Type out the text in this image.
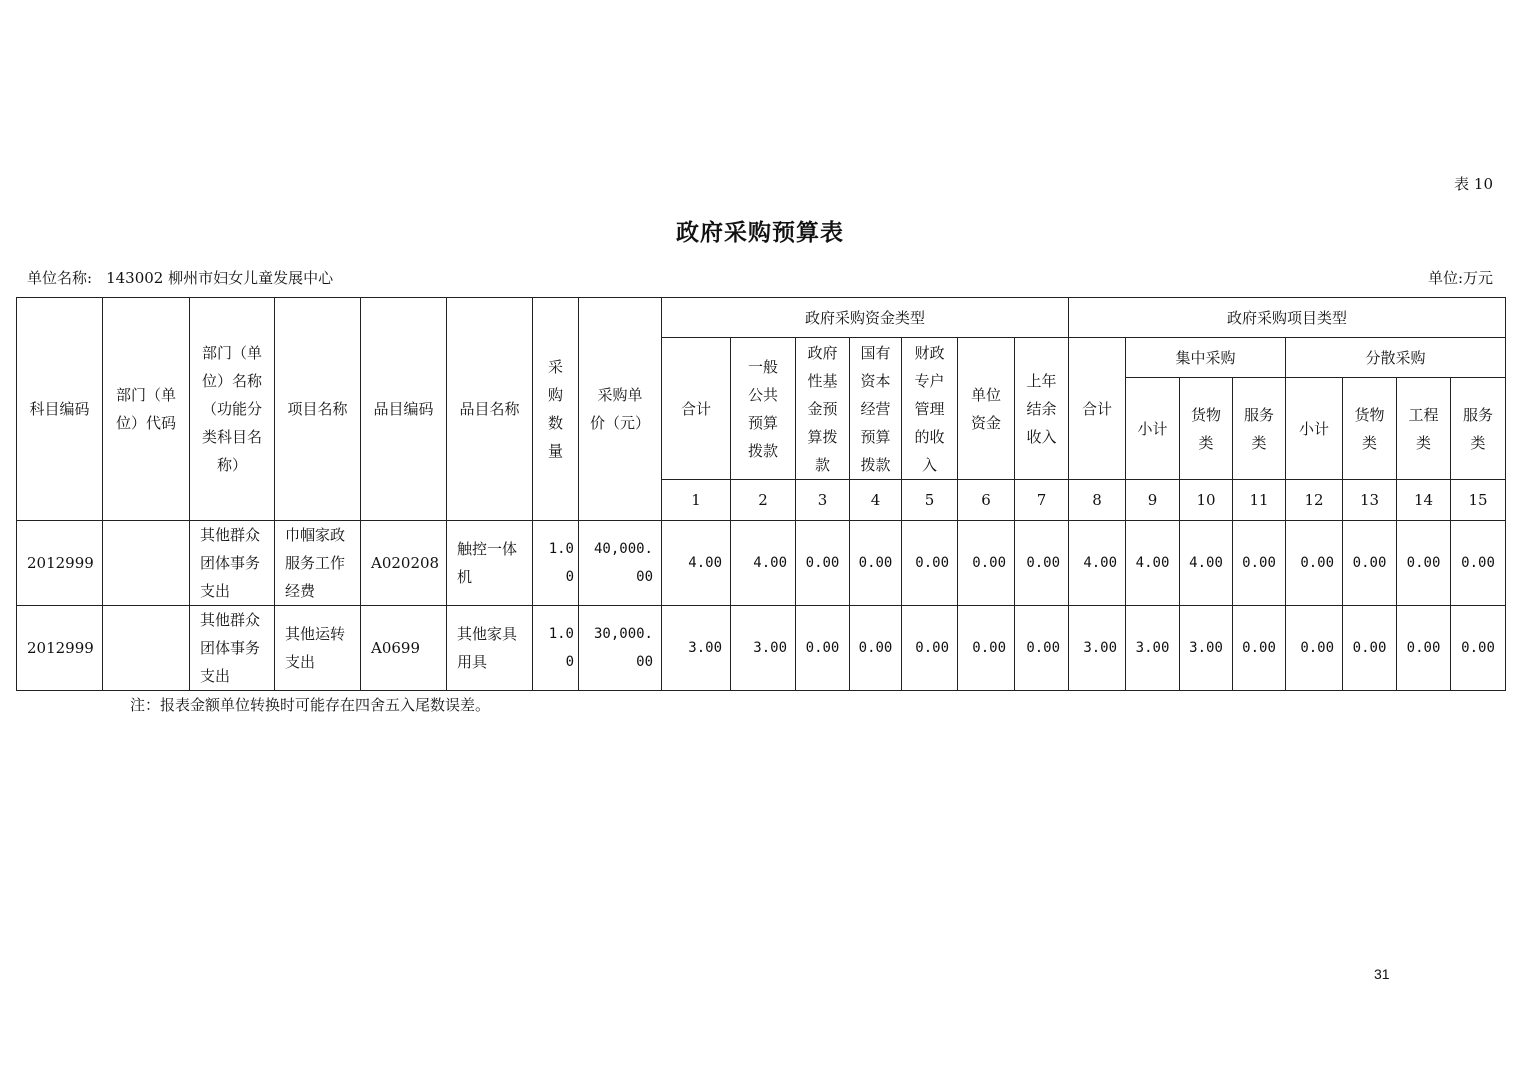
表 10
政府采购预算表
单位名称: 143002 柳州市妇女儿童发展中心	单位:万元
科目编码	部门（单
位）代码	部门（单
位）名称
（功能分
类科目名
称）	项目名称	品目编码	品目名称	采
购
数
量	采购单
价（元）	政府采购资金类型							政府采购项目类型							
								合计	一般
公共
预算
拨款	政府
性基
金预
算拨
款	国有
资本
经营
预算
拨款	财政
专户
管理
的收
入	单位
资金	上年
结余
收入	合计	集中采购			分散采购			
																小计	货物
类	服务
类	小计	货物
类	工程
类	服务
类

								1	2	3	4	5	6	7	8	9	10	11	12	13	14	15
2012999		其他群众
团体事务
支出	巾帼家政
服务工作
经费	A020208	触控一体
机	1.0
0	40,000.
00	4.00	4.00	0.00	0.00	0.00	0.00	0.00	4.00	4.00	4.00	0.00	0.00	0.00	0.00	0.00
2012999		其他群众
团体事务
支出	其他运转
支出	A0699	其他家具
用具	1.0
0	30,000.
00	3.00	3.00	0.00	0.00	0.00	0.00	0.00	3.00	3.00	3.00	0.00	0.00	0.00	0.00	0.00
注：报表金额单位转换时可能存在四舍五入尾数误差。
31
